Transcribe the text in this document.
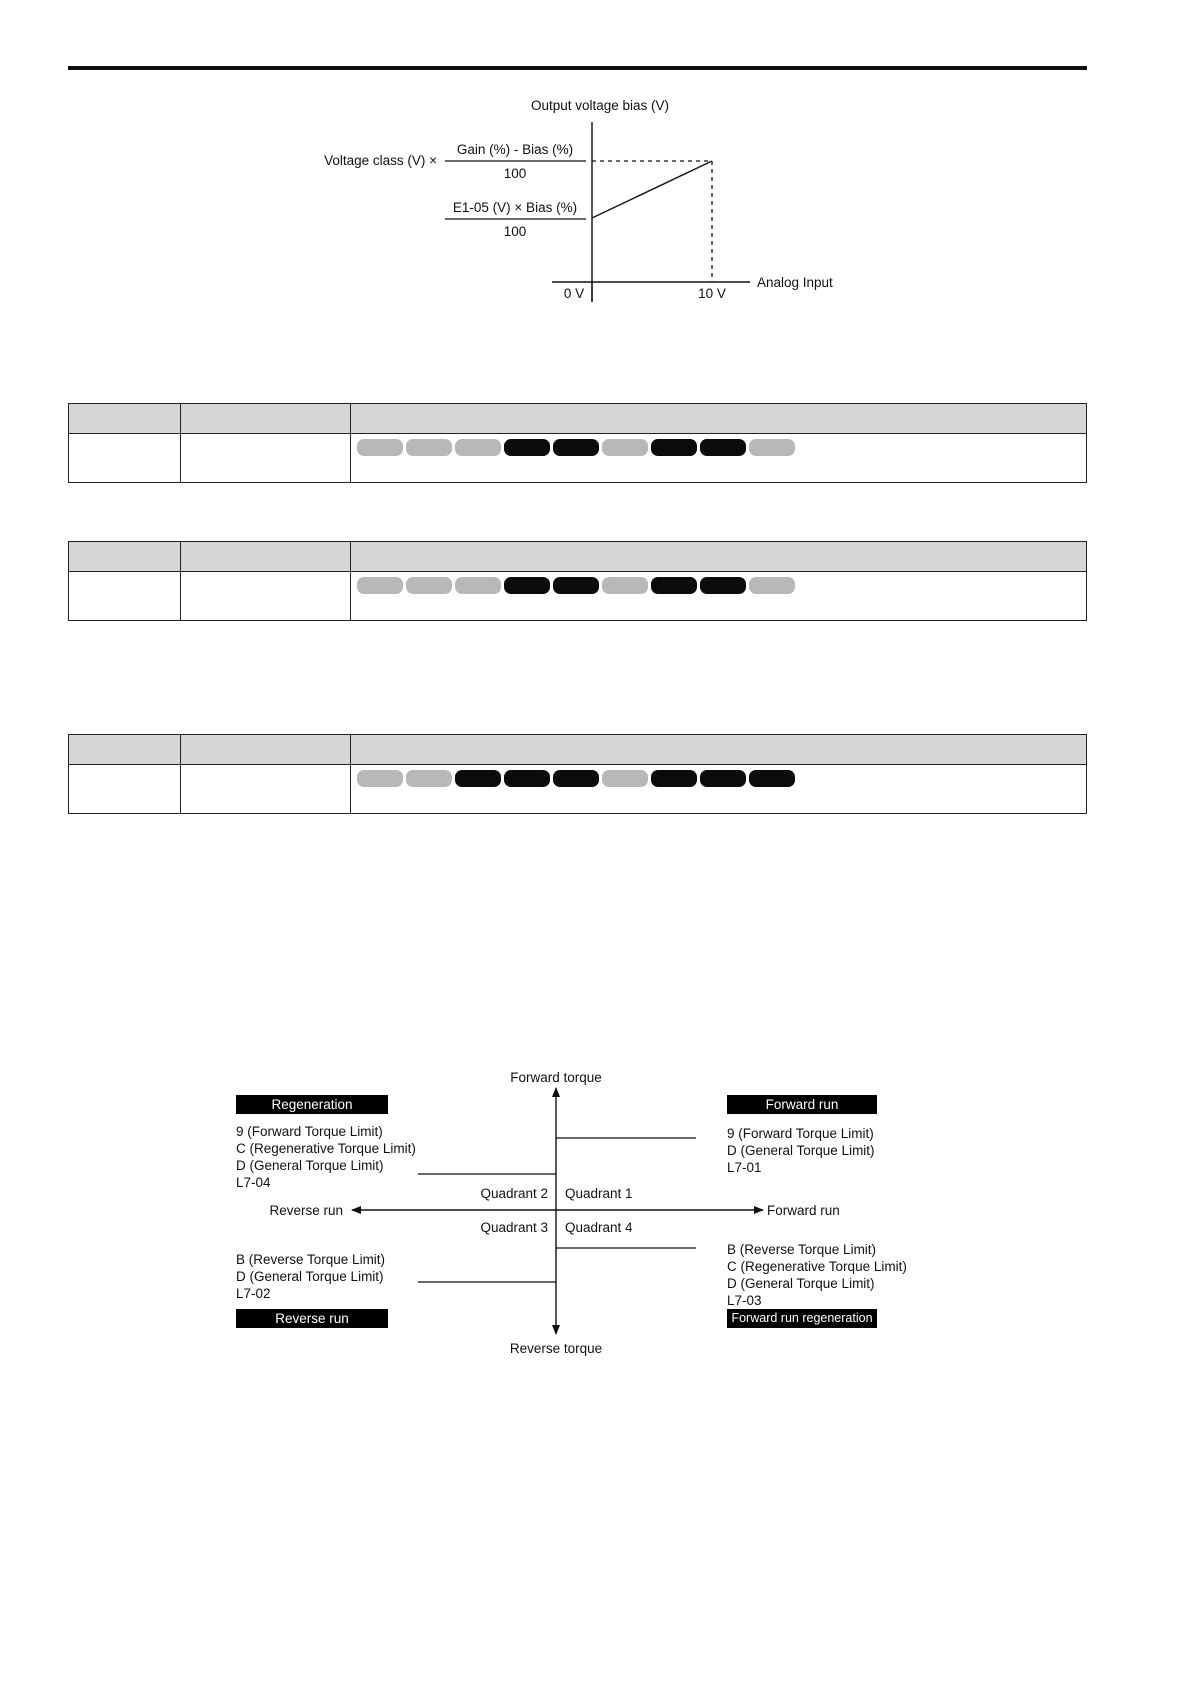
Output voltage bias (V)
Voltage class (V) ×
Gain (%) - Bias (%)
100
E1-05 (V) × Bias (%)
100
0 V	10 V
Analog Input

Forward torque
Reverse torque
Reverse run	Forward run
Quadrant 2 Quadrant 1
Quadrant 3 Quadrant 4
9 (Forward Torque Limit)
C (Regenerative Torque Limit)
D (General Torque Limit)
L7-04
9 (Forward Torque Limit)
D (General Torque Limit)
L7-01
B (Reverse Torque Limit)
D (General Torque Limit)
L7-02
B (Reverse Torque Limit)
C (Regenerative Torque Limit)
D (General Torque Limit)
L7-03
Regeneration	Forward run
Reverse run	Forward run regeneration
